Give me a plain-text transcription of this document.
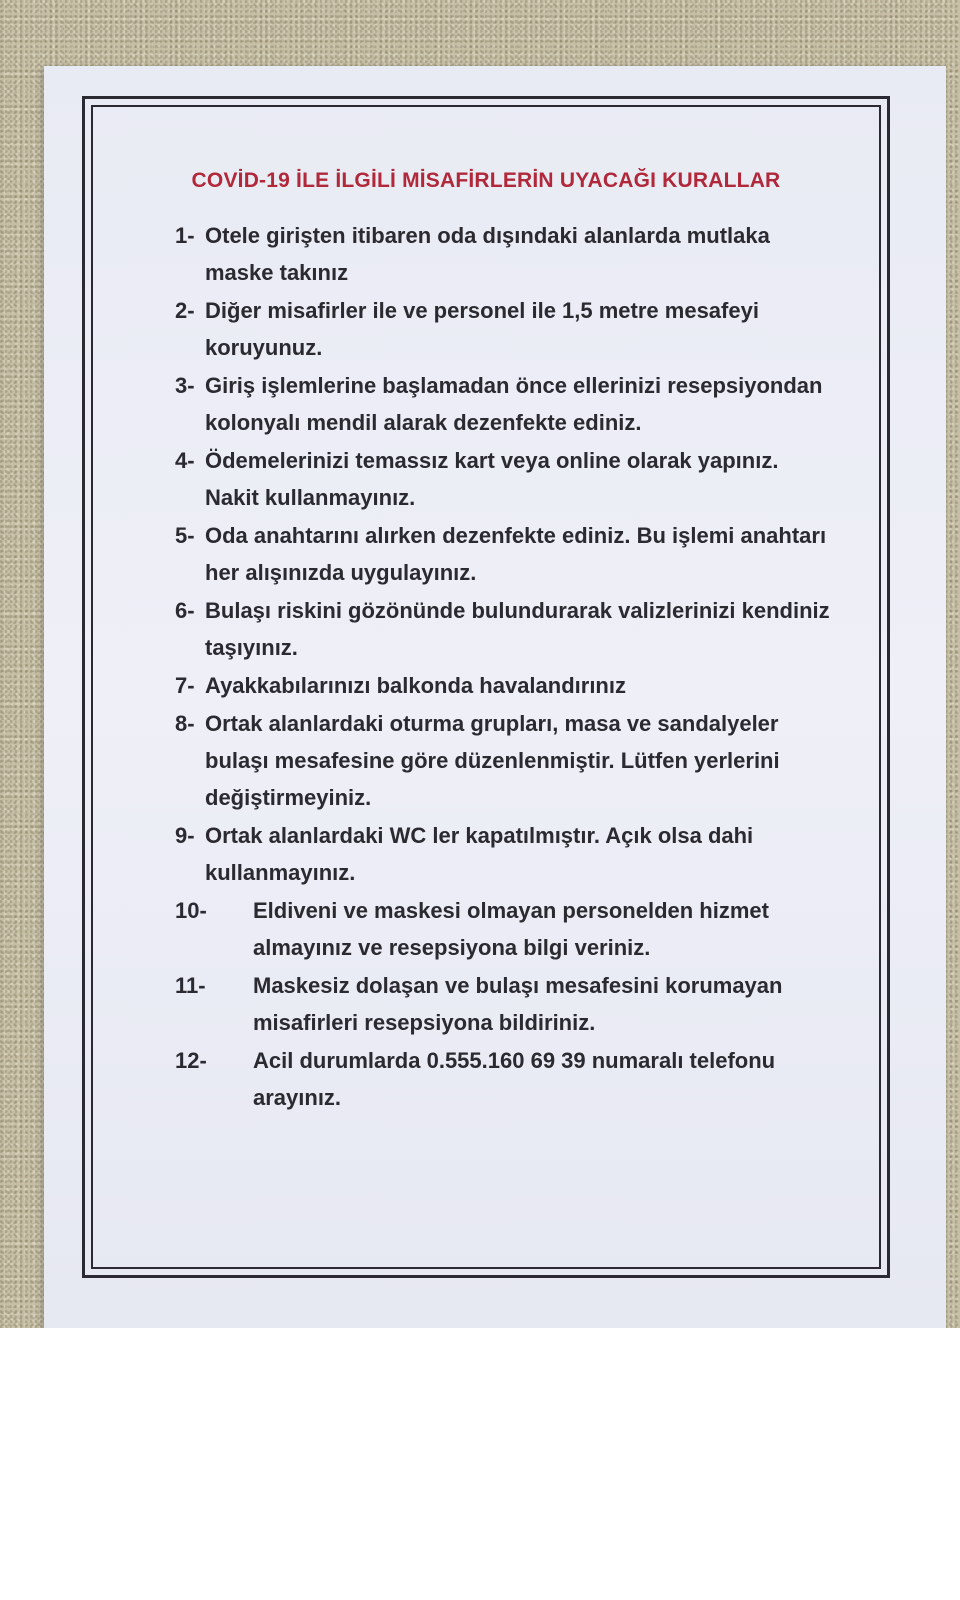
COVİD-19 İLE İLGİLİ MİSAFİRLERİN UYACAĞI KURALLAR
1- Otele girişten itibaren oda dışındaki alanlarda mutlaka maske takınız
2- Diğer misafirler ile ve personel ile 1,5 metre mesafeyi koruyunuz.
3- Giriş işlemlerine başlamadan önce ellerinizi resepsiyondan kolonyalı mendil alarak dezenfekte ediniz.
4- Ödemelerinizi temassız kart veya online olarak yapınız. Nakit kullanmayınız.
5- Oda anahtarını alırken dezenfekte ediniz. Bu işlemi anahtarı her alışınızda uygulayınız.
6- Bulaşı riskini gözönünde bulundurarak valizlerinizi kendiniz taşıyınız.
7- Ayakkabılarınızı balkonda havalandırınız
8- Ortak alanlardaki oturma grupları, masa ve sandalyeler bulaşı mesafesine göre düzenlenmiştir. Lütfen yerlerini değiştirmeyiniz.
9- Ortak alanlardaki WC ler kapatılmıştır. Açık olsa dahi kullanmayınız.
10-	Eldiveni ve maskesi olmayan personelden hizmet almayınız ve resepsiyona bilgi veriniz.
11-	Maskesiz dolaşan ve bulaşı mesafesini korumayan misafirleri resepsiyona bildiriniz.
12-	Acil durumlarda 0.555.160 69 39 numaralı telefonu arayınız.
